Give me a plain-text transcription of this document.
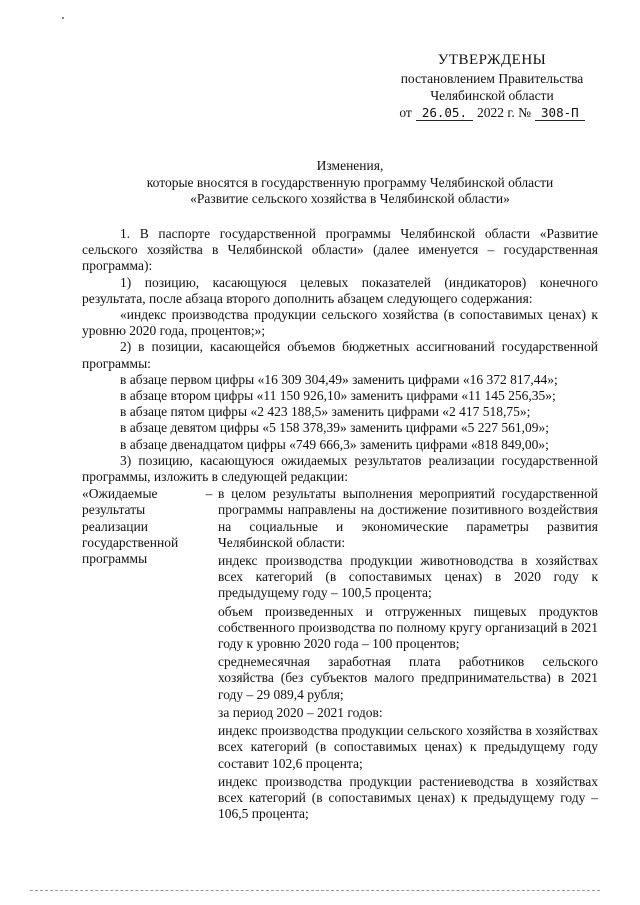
УТВЕРЖДЕНЫ
постановлением Правительства
Челябинской области
от 26.05. 2022 г. № 308-П
Изменения,
которые вносятся в государственную программу Челябинской области
«Развитие сельского хозяйства в Челябинской области»

1. В паспорте государственной программы Челябинской области «Развитие сельского хозяйства в Челябинской области» (далее именуется – государственная программа):

1) позицию, касающуюся целевых показателей (индикаторов) конечного результата, после абзаца второго дополнить абзацем следующего содержания:

«индекс производства продукции сельского хозяйства (в сопоставимых ценах) к уровню 2020 года, процентов;»;

2) в позиции, касающейся объемов бюджетных ассигнований государственной программы:

в абзаце первом цифры «16 309 304,49» заменить цифрами «16 372 817,44»;

в абзаце втором цифры «11 150 926,10» заменить цифрами «11 145 256,35»;

в абзаце пятом цифры «2 423 188,5» заменить цифрами «2 417 518,75»;

в абзаце девятом цифры «5 158 378,39» заменить цифрами «5 227 561,09»;

в абзаце двенадцатом цифры «749 666,3» заменить цифрами «818 849,00»;

3) позицию, касающуюся ожидаемых результатов реализации государственной программы, изложить в следующей редакции:

«Ожидаемые
результаты
реализации
государственной
программы
– в целом результаты выполнения мероприятий государственной программы направлены на достижение позитивного воздействия на социальные и экономические параметры развития Челябинской области:

индекс производства продукции животноводства в хозяйствах всех категорий (в сопоставимых ценах) в 2020 году к предыдущему году – 100,5 процента;

объем произведенных и отгруженных пищевых продуктов собственного производства по полному кругу организаций в 2021 году к уровню 2020 года – 100 процентов;

среднемесячная заработная плата работников сельского хозяйства (без субъектов малого предпринимательства) в 2021 году – 29 089,4 рубля;

за период 2020 – 2021 годов:

индекс производства продукции сельского хозяйства в хозяйствах всех категорий (в сопоставимых ценах) к предыдущему году составит 102,6 процента;

индекс производства продукции растениеводства в хозяйствах всех категорий (в сопоставимых ценах) к предыдущему году – 106,5 процента;
